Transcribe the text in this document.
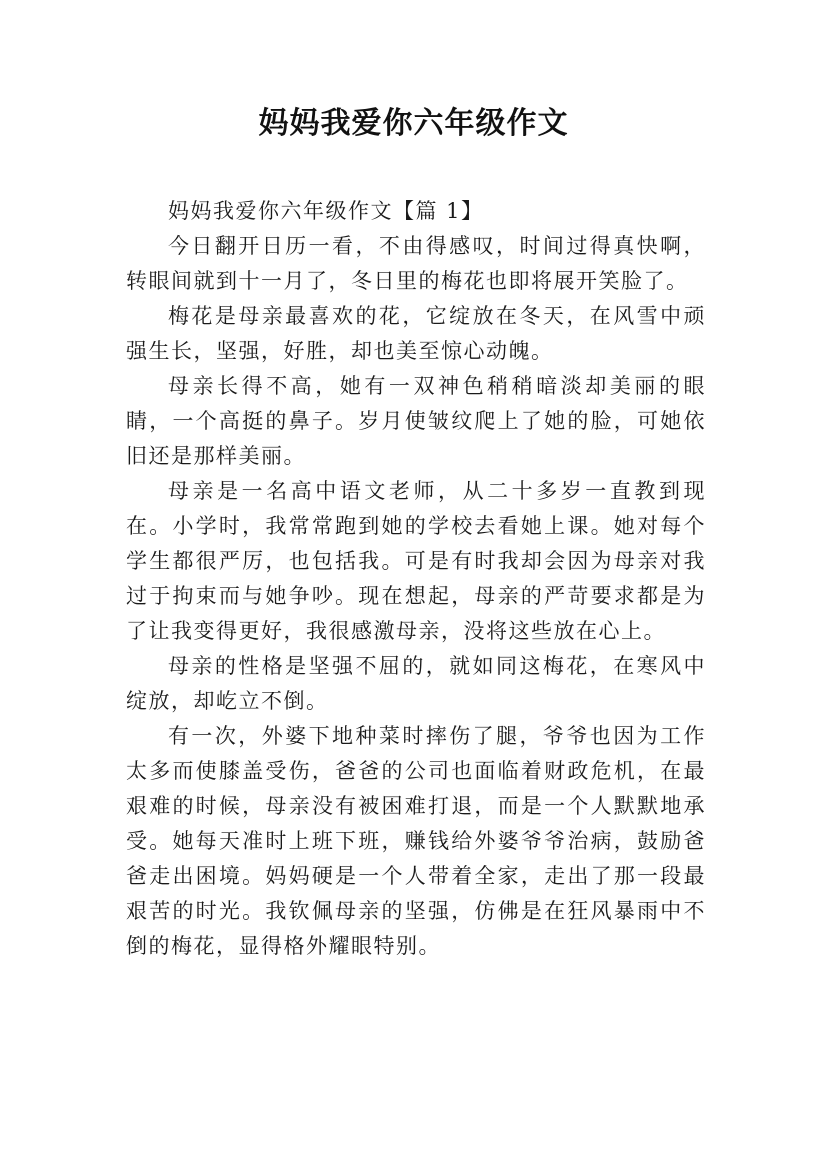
妈妈我爱你六年级作文

妈妈我爱你六年级作文【篇 1】

今日翻开日历一看，不由得感叹，时间过得真快啊，转眼间就到十一月了，冬日里的梅花也即将展开笑脸了。

梅花是母亲最喜欢的花，它绽放在冬天，在风雪中顽强生长，坚强，好胜，却也美至惊心动魄。

母亲长得不高，她有一双神色稍稍暗淡却美丽的眼睛，一个高挺的鼻子。岁月使皱纹爬上了她的脸，可她依旧还是那样美丽。

母亲是一名高中语文老师，从二十多岁一直教到现在。小学时，我常常跑到她的学校去看她上课。她对每个学生都很严厉，也包括我。可是有时我却会因为母亲对我过于拘束而与她争吵。现在想起，母亲的严苛要求都是为了让我变得更好，我很感激母亲，没将这些放在心上。

母亲的性格是坚强不屈的，就如同这梅花，在寒风中绽放，却屹立不倒。

有一次，外婆下地种菜时摔伤了腿，爷爷也因为工作太多而使膝盖受伤，爸爸的公司也面临着财政危机，在最艰难的时候，母亲没有被困难打退，而是一个人默默地承受。她每天准时上班下班，赚钱给外婆爷爷治病，鼓励爸爸走出困境。妈妈硬是一个人带着全家，走出了那一段最艰苦的时光。我钦佩母亲的坚强，仿佛是在狂风暴雨中不倒的梅花，显得格外耀眼特别。
